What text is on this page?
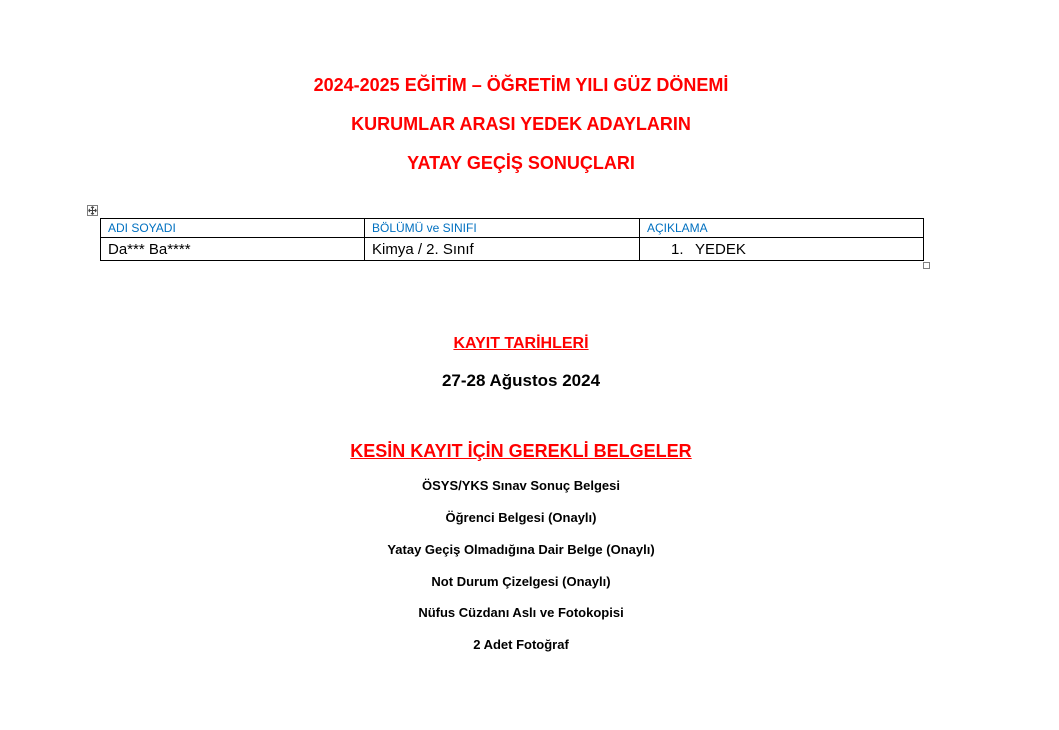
2024-2025 EĞİTİM – ÖĞRETİM YILI GÜZ DÖNEMİ
KURUMLAR ARASI YEDEK ADAYLARIN
YATAY GEÇİŞ SONUÇLARI
ADI SOYADI	BÖLÜMÜ ve SINIFI	AÇIKLAMA
Da*** Ba****	Kimya / 2. Sınıf	1. YEDEK
KAYIT TARİHLERİ
27-28 Ağustos 2024
KESİN KAYIT İÇİN GEREKLİ BELGELER
ÖSYS/YKS Sınav Sonuç Belgesi
Öğrenci Belgesi (Onaylı)
Yatay Geçiş Olmadığına Dair Belge (Onaylı)
Not Durum Çizelgesi (Onaylı)
Nüfus Cüzdanı Aslı ve Fotokopisi
2 Adet Fotoğraf
